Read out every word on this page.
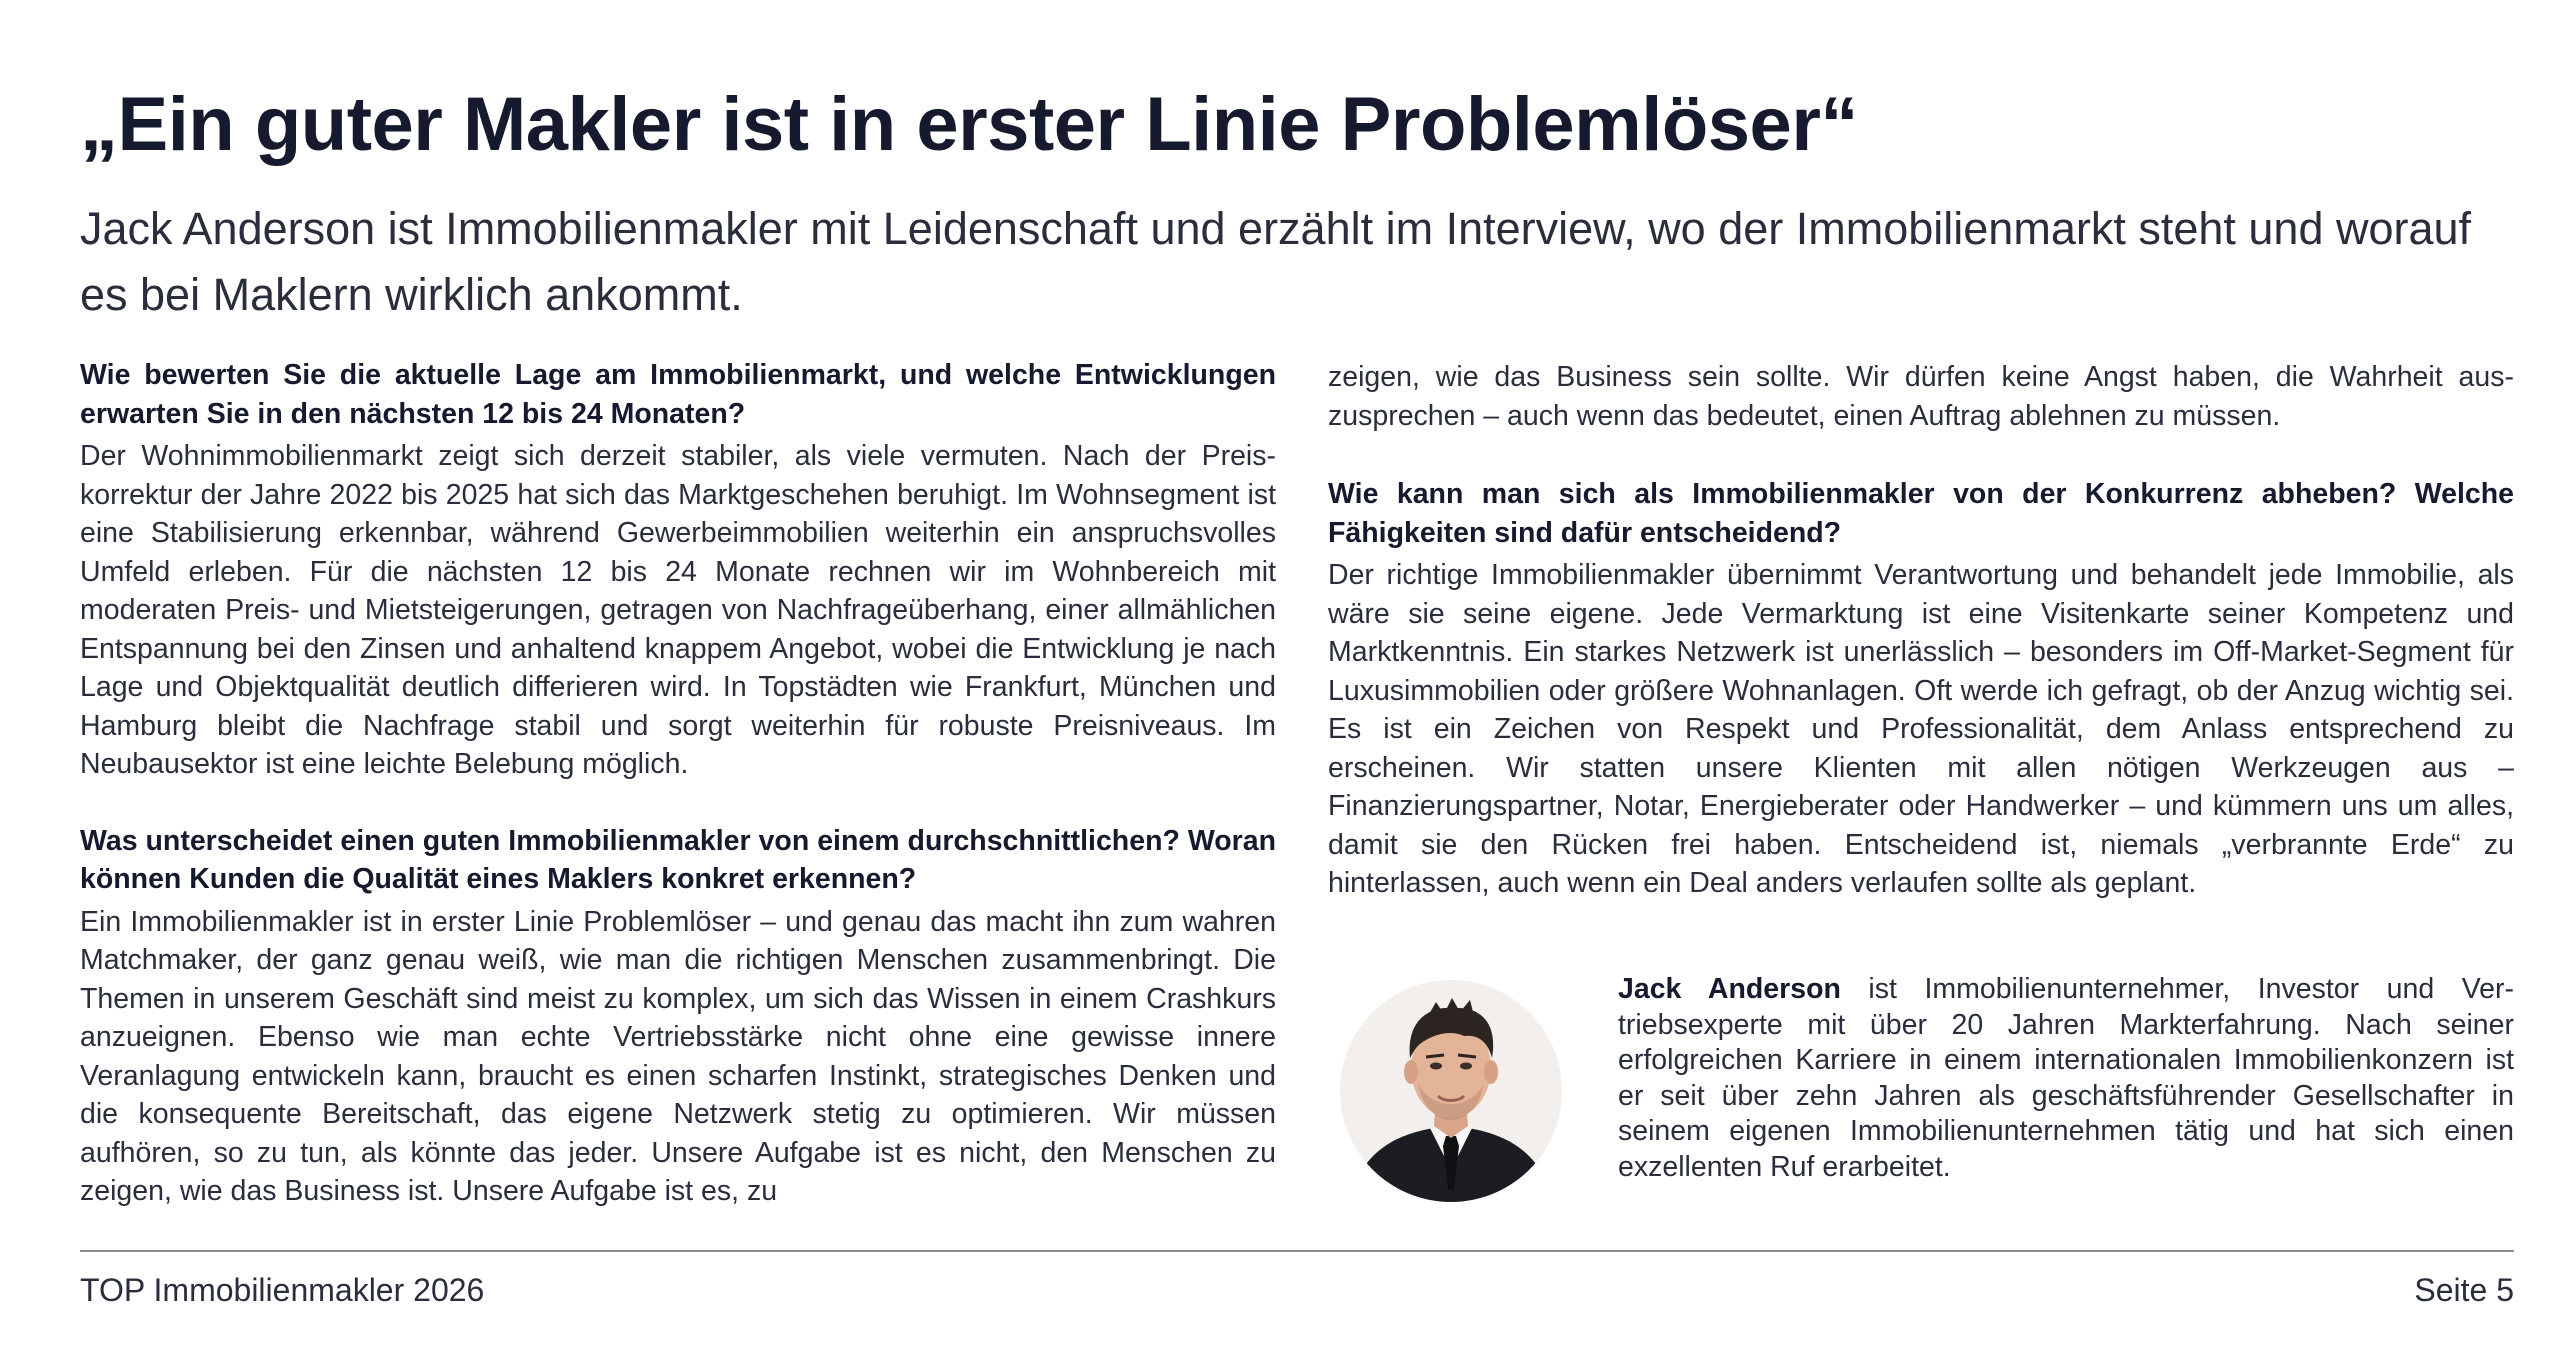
„Ein guter Makler ist in erster Linie Problemlöser“
Jack Anderson ist Immobilienmakler mit Leidenschaft und erzählt im Interview, wo der Immobilienmarkt steht und worauf es bei Maklern wirklich ankommt.

Wie bewerten Sie die aktuelle Lage am Immobilienmarkt, und welche Entwicklungen erwarten Sie in den nächsten 12 bis 24 Monaten?

Der Wohnimmobilienmarkt zeigt sich derzeit stabiler, als viele vermuten. Nach der Preiskorrektur der Jahre 2022 bis 2025 hat sich das Marktgeschehen beruhigt. Im Wohnsegment ist eine Stabilisierung erkennbar, während Gewerbeimmobilien weiterhin ein anspruchsvolles Umfeld erleben. Für die nächsten 12 bis 24 Monate rechnen wir im Wohnbereich mit moderaten Preis- und Mietsteigerungen, getragen von Nachfrageüberhang, einer allmählichen Entspannung bei den Zinsen und anhaltend knappem Angebot, wobei die Entwicklung je nach Lage und Objektqualität deutlich differieren wird. In Topstädten wie Frankfurt, München und Hamburg bleibt die Nachfrage stabil und sorgt weiterhin für robuste Preisniveaus. Im Neubausektor ist eine leichte Belebung möglich.

Was unterscheidet einen guten Immobilienmakler von einem durchschnittlichen? Woran können Kunden die Qualität eines Maklers konkret erkennen?

Ein Immobilienmakler ist in erster Linie Problemlöser – und genau das macht ihn zum wahren Matchmaker, der ganz genau weiß, wie man die richtigen Menschen zusammenbringt. Die Themen in unserem Geschäft sind meist zu komplex, um sich das Wissen in einem Crashkurs anzueignen. Ebenso wie man echte Vertriebsstärke nicht ohne eine gewisse innere Veranlagung entwickeln kann, braucht es einen scharfen Instinkt, strategisches Denken und die konsequente Bereitschaft, das eigene Netzwerk stetig zu optimieren. Wir müssen aufhören, so zu tun, als könnte das jeder. Unsere Aufgabe ist es nicht, den Menschen zu zeigen, wie das Business ist. Unsere Aufgabe ist es, zu

zeigen, wie das Business sein sollte. Wir dürfen keine Angst haben, die Wahrheit auszusprechen – auch wenn das bedeutet, einen Auftrag ablehnen zu müssen.

Wie kann man sich als Immobilienmakler von der Konkurrenz abheben? Welche Fähigkeiten sind dafür entscheidend?

Der richtige Immobilienmakler übernimmt Verantwortung und behandelt jede Immobilie, als wäre sie seine eigene. Jede Vermarktung ist eine Visitenkarte seiner Kompetenz und Marktkenntnis. Ein starkes Netzwerk ist unerlässlich – besonders im Off-Market-Segment für Luxusimmobilien oder größere Wohnanlagen. Oft werde ich gefragt, ob der Anzug wichtig sei. Es ist ein Zeichen von Respekt und Professionalität, dem Anlass entsprechend zu erscheinen. Wir statten unsere Klienten mit allen nötigen Werkzeugen aus – Finanzierungspartner, Notar, Energieberater oder Handwerker – und kümmern uns um alles, damit sie den Rücken frei haben. Entscheidend ist, niemals „verbrannte Erde“ zu hinterlassen, auch wenn ein Deal anders verlaufen sollte als geplant.

Jack Anderson ist Immobilienunternehmer, Investor und Vertriebsexperte mit über 20 Jahren Markterfahrung. Nach seiner erfolgreichen Karriere in einem internationalen Immobilienkonzern ist er seit über zehn Jahren als geschäftsführender Gesellschafter in seinem eigenen Immobilienunternehmen tätig und hat sich einen exzellenten Ruf erarbeitet.
TOP Immobilienmakler 2026	Seite 5
